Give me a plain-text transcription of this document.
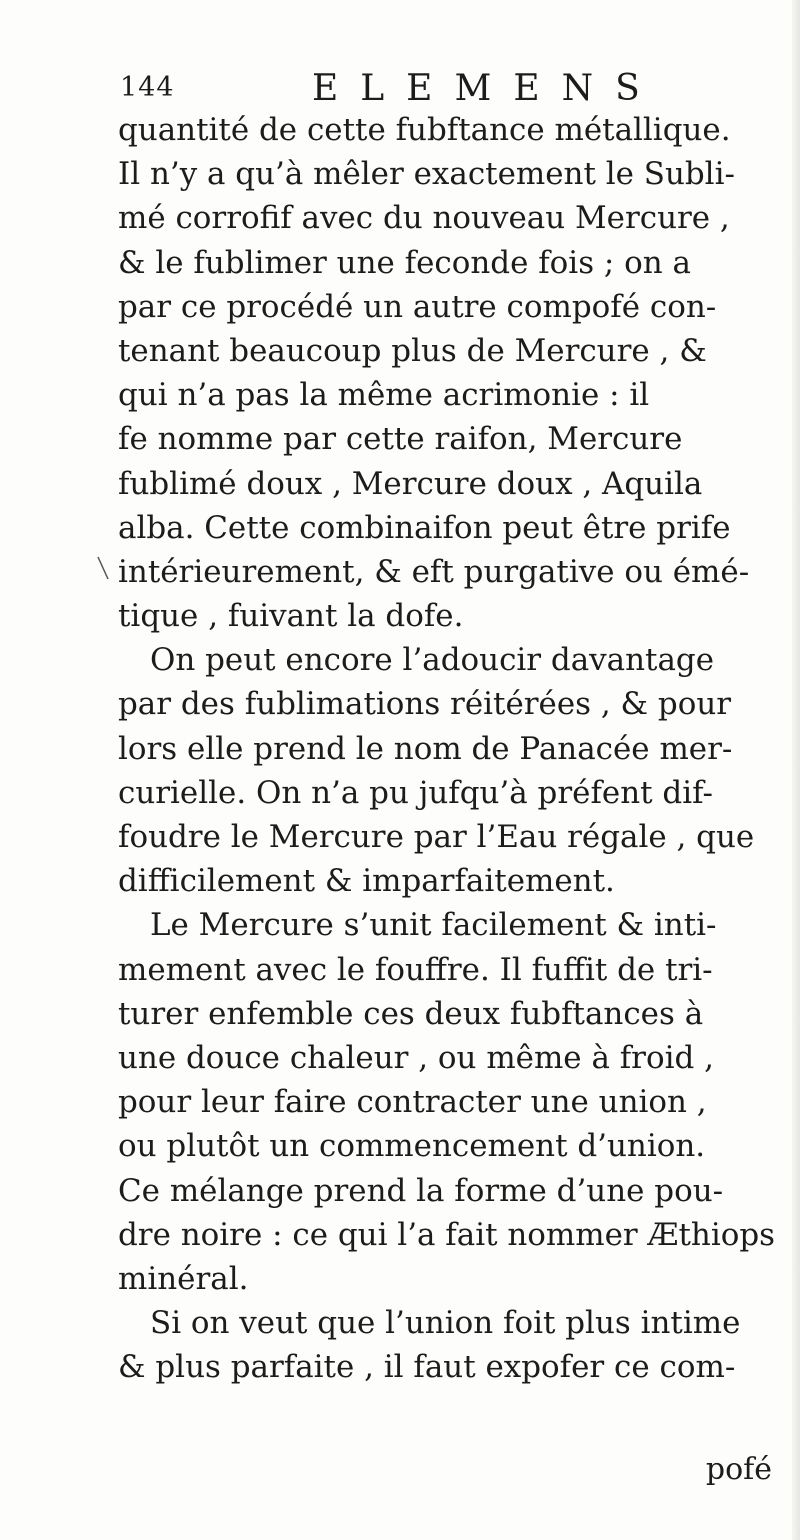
144	ELEMENS
quantité de cette fubftance métallique.
Il n’y a qu’à mêler exactement le Subli-
mé corrofif avec du nouveau Mercure ,
& le fublimer une feconde fois ; on a
par ce procédé un autre compofé con-
tenant beaucoup plus de Mercure , &
qui n’a pas la même acrimonie : il
fe nomme par cette raifon, Mercure
fublimé doux , Mercure doux , Aquila
alba. Cette combinaifon peut être prife
intérieurement, & eft purgative ou émé-
tique , fuivant la dofe.
On peut encore l’adoucir davantage
par des fublimations réitérées , & pour
lors elle prend le nom de Panacée mer-
curielle. On n’a pu jufqu’à préfent dif-
foudre le Mercure par l’Eau régale , que
difficilement & imparfaitement.
Le Mercure s’unit facilement & inti-
mement avec le fouffre. Il fuffit de tri-
turer enfemble ces deux fubftances à
une douce chaleur , ou même à froid ,
pour leur faire contracter une union ,
ou plutôt un commencement d’union.
Ce mélange prend la forme d’une pou-
dre noire : ce qui l’a fait nommer Æthiops
minéral.
Si on veut que l’union foit plus intime
& plus parfaite , il faut expofer ce com-
pofé
